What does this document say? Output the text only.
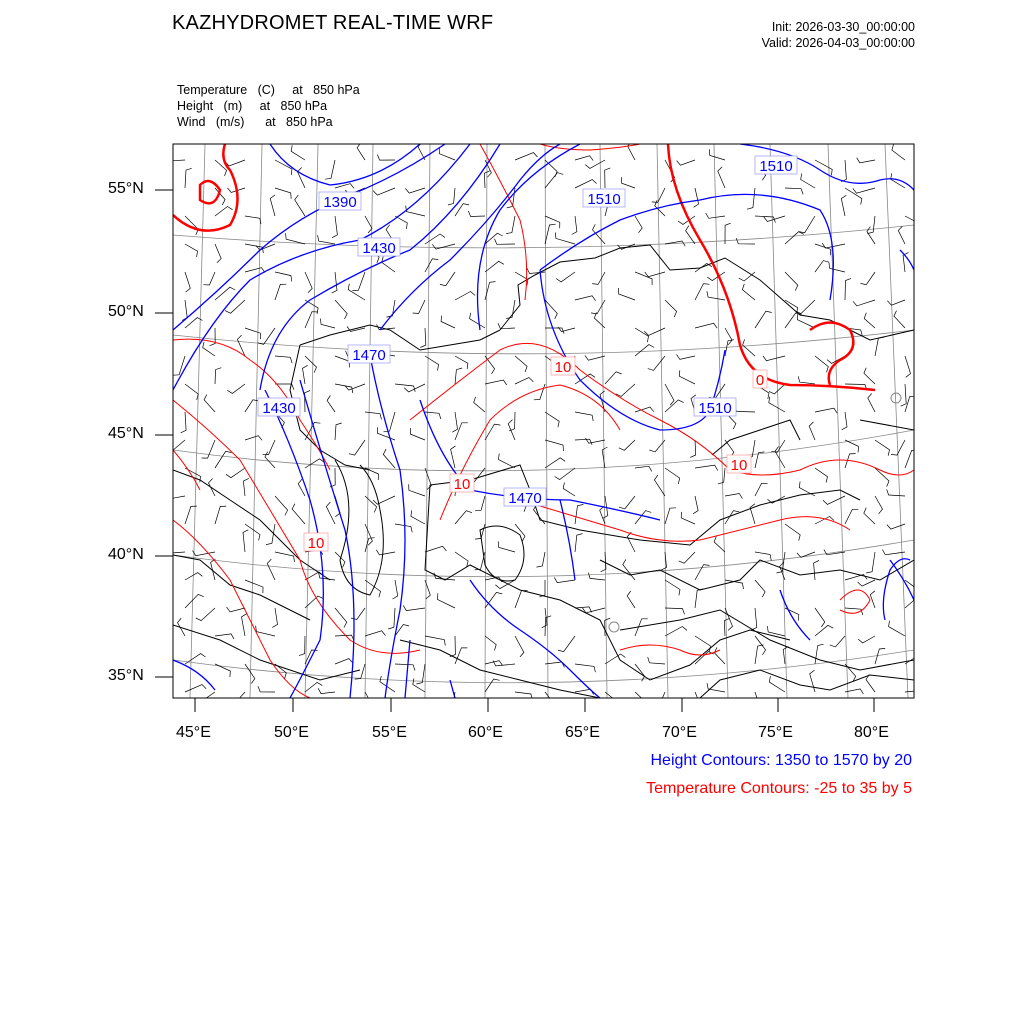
KAZHYDROMET REAL-TIME WRF	Init: 2026-03-30_00:00:00
Valid: 2026-04-03_00:00:00
Temperature   (C)     at   850 hPa
Height   (m)     at   850 hPa
Wind   (m/s)      at   850 hPa
1390
1430
1470
1430
1510
1470
1510
1510
10
10
10
10
0
55°N
50°N
45°N
40°N
35°N
45°E	50°E	55°E	60°E	65°E	70°E	75°E	80°E
Height Contours: 1350 to 1570 by 20
Temperature Contours: -25 to 35 by 5
